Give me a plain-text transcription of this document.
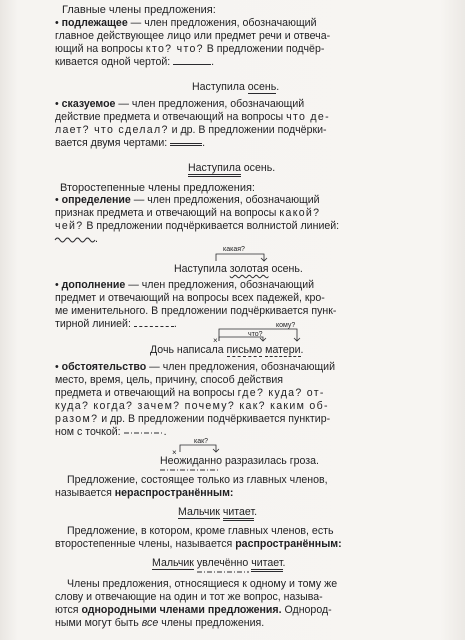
Главные члены предложения:
• подлежащее — член предложения, обозначающий
главное действующее лицо или предмет речи и отвеча-
ющий на вопросы кто? что? В предложении подчёр-
кивается одной чертой:	.
Наступила осень.
• сказуемое — член предложения, обозначающий
действие предмета и отвечающий на вопросы что де-
лает? что сделал? и др. В предложении подчёрки-
вается двумя чертами:	.
Наступила осень.
Второстепенные члены предложения:
• определение — член предложения, обозначающий
признак предмета и отвечающий на вопросы какой?
чей? В предложении подчёркивается волнистой линией:
.
какая?
Наступила золотая осень.
• дополнение — член предложения, обозначающий
предмет и отвечающий на вопросы всех падежей, кро-
ме именительного. В предложении подчёркивается пунк-
тирной линией:	.	кому?
что?
×
Дочь написала письмо матери.
• обстоятельство — член предложения, обозначающий
место, время, цель, причину, способ действия
предмета и отвечающий на вопросы где? куда? от-
куда? когда? зачем? почему? как? каким об-
разом? и др. В предложении подчёркивается пунктир-
ном с точкой:	.
как?
×
Неожиданно
разразилась гроза.
Предложение, состоящее только из главных членов,
называется нераспространённым:
Мальчик читает.
Предложение, в котором, кроме главных членов, есть
второстепенные члены, называется распространённым:
Мальчик увлечённо читает.
Члены предложения, относящиеся к одному и тому же
слову и отвечающие на один и тот же вопрос, называ-
ются однородными членами предложения. Однород-
ными могут быть все члены предложения.
